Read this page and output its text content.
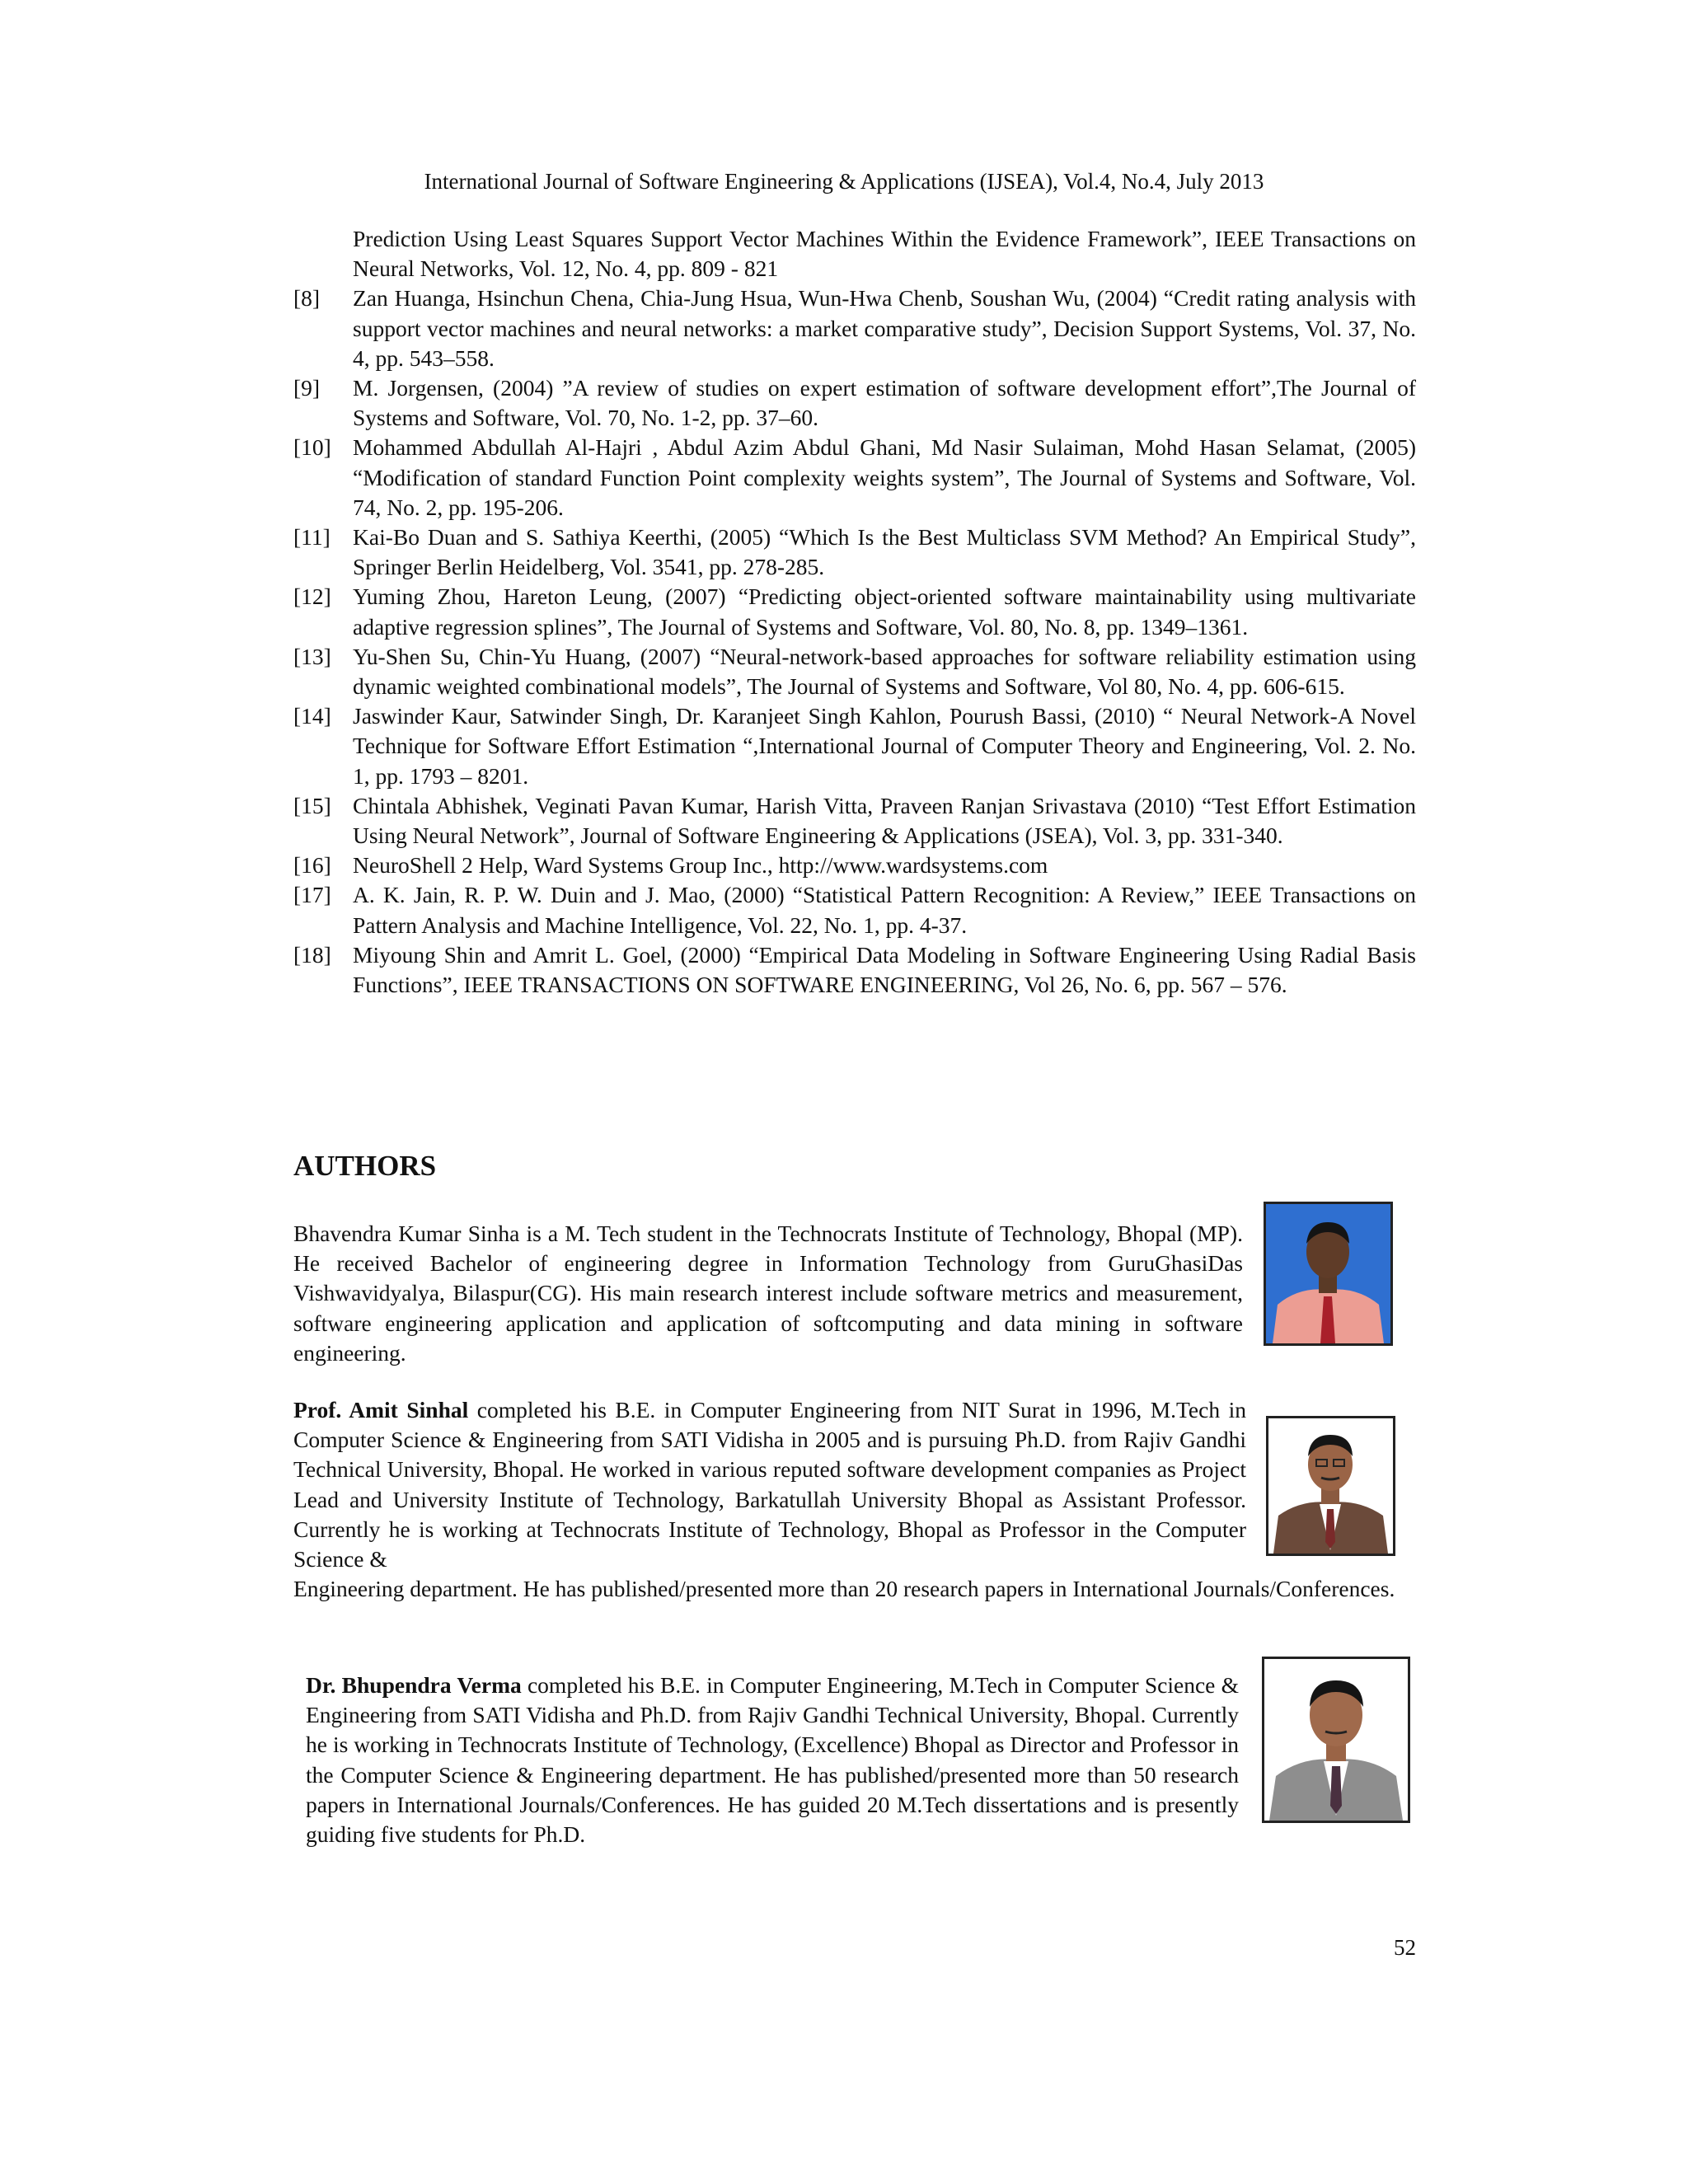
International Journal of Software Engineering & Applications (IJSEA), Vol.4, No.4, July 2013
Prediction Using Least Squares Support Vector Machines Within the Evidence Framework”, IEEE Transactions on Neural Networks, Vol. 12, No. 4, pp. 809 - 821
[8]	Zan Huanga, Hsinchun Chena, Chia-Jung Hsua, Wun-Hwa Chenb, Soushan Wu, (2004) “Credit rating analysis with support vector machines and neural networks: a market comparative study”, Decision Support Systems, Vol. 37, No. 4, pp. 543–558.
[9]	M. Jorgensen, (2004) ”A review of studies on expert estimation of software development effort”,The Journal of Systems and Software, Vol. 70, No. 1-2, pp. 37–60.
[10] Mohammed Abdullah Al-Hajri , Abdul Azim Abdul Ghani, Md Nasir Sulaiman, Mohd Hasan Selamat, (2005) “Modification of standard Function Point complexity weights system”, The Journal of Systems and Software, Vol. 74, No. 2, pp. 195-206.
[11] Kai-Bo Duan and S. Sathiya Keerthi, (2005) “Which Is the Best Multiclass SVM Method? An Empirical Study”, Springer Berlin Heidelberg, Vol. 3541, pp. 278-285.
[12] Yuming Zhou, Hareton Leung, (2007) “Predicting object-oriented software maintainability using multivariate adaptive regression splines”, The Journal of Systems and Software, Vol. 80, No. 8, pp. 1349–1361.
[13] Yu-Shen Su, Chin-Yu Huang, (2007) “Neural-network-based approaches for software reliability estimation using dynamic weighted combinational models”, The Journal of Systems and Software, Vol 80, No. 4, pp. 606-615.
[14] Jaswinder Kaur, Satwinder Singh, Dr. Karanjeet Singh Kahlon, Pourush Bassi, (2010) “ Neural Network-A Novel Technique for Software Effort Estimation “,International Journal of Computer Theory and Engineering, Vol. 2. No. 1, pp. 1793 – 8201.
[15] Chintala Abhishek, Veginati Pavan Kumar, Harish Vitta, Praveen Ranjan Srivastava (2010) “Test Effort Estimation Using Neural Network”, Journal of Software Engineering & Applications (JSEA), Vol. 3, pp. 331-340.
[16] NeuroShell 2 Help, Ward Systems Group Inc., http://www.wardsystems.com
[17] A. K. Jain, R. P. W. Duin and J. Mao, (2000) “Statistical Pattern Recognition: A Review,” IEEE Transactions on Pattern Analysis and Machine Intelligence, Vol. 22, No. 1, pp. 4-37.
[18] Miyoung Shin and Amrit L. Goel, (2000) “Empirical Data Modeling in Software Engineering Using Radial Basis Functions”, IEEE TRANSACTIONS ON SOFTWARE ENGINEERING, Vol 26, No. 6, pp. 567 – 576.
AUTHORS
Bhavendra Kumar Sinha is a M. Tech student in the Technocrats Institute of Technology, Bhopal (MP). He received Bachelor of engineering degree in Information Technology from GuruGhasiDas Vishwavidyalya, Bilaspur(CG). His main research interest include software metrics and measurement, software engineering application and application of softcomputing and data mining in software engineering.
Prof. Amit Sinhal completed his B.E. in Computer Engineering from NIT Surat in 1996, M.Tech in Computer Science & Engineering from SATI Vidisha in 2005 and is pursuing Ph.D. from Rajiv Gandhi Technical University, Bhopal. He worked in various reputed software development companies as Project Lead and University Institute of Technology, Barkatullah University Bhopal as Assistant Professor. Currently he is working at Technocrats Institute of Technology, Bhopal as Professor in the Computer Science &
Engineering department. He has published/presented more than 20 research papers in International Journals/Conferences.
Dr. Bhupendra Verma completed his B.E. in Computer Engineering, M.Tech in Computer Science & Engineering from SATI Vidisha and Ph.D. from Rajiv Gandhi Technical University, Bhopal. Currently he is working in Technocrats Institute of Technology, (Excellence) Bhopal as Director and Professor in the Computer Science & Engineering department. He has published/presented more than 50 research papers in International Journals/Conferences. He has guided 20 M.Tech dissertations and is presently guiding five students for Ph.D.
52
